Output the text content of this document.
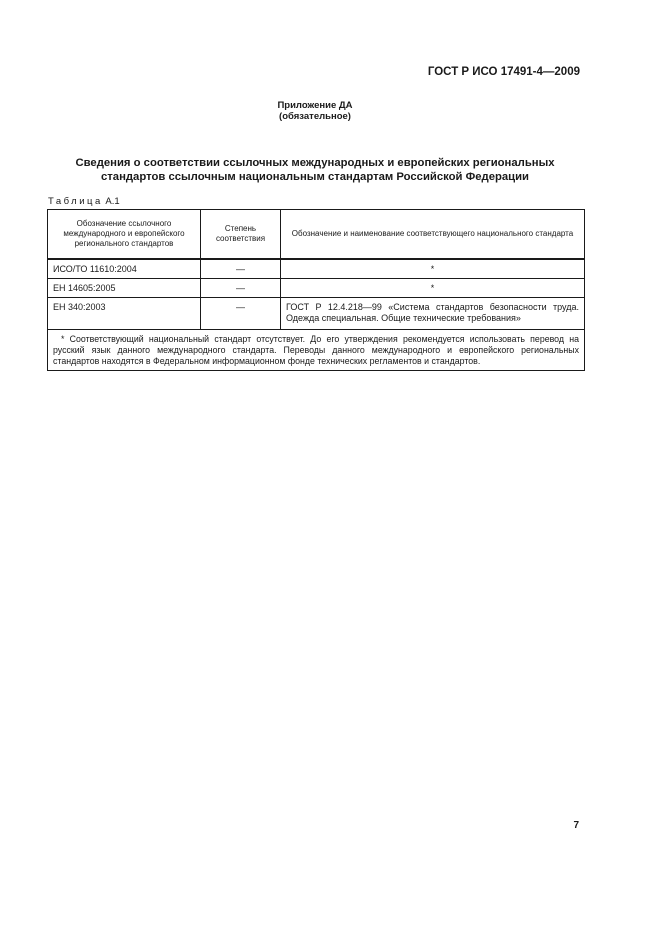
ГОСТ Р ИСО 17491-4—2009
Приложение ДА
(обязательное)
Сведения о соответствии ссылочных международных и европейских региональных
стандартов ссылочным национальным стандартам Российской Федерации
Таблица А.1
Обозначение ссылочного международного и европейского регионального стандартов	Степень соответствия	Обозначение и наименование соответствующего национального стандарта
ИСО/ТО 11610:2004	—	*
ЕН 14605:2005	—	*
ЕН 340:2003	—	ГОСТ Р 12.4.218—99 «Система стандартов безопасности труда. Одежда специальная. Общие технические требования»
* Соответствующий национальный стандарт отсутствует. До его утверждения рекомендуется использовать перевод на русский язык данного международного стандарта. Переводы данного международного и европейского региональных стандартов находятся в Федеральном информационном фонде технических регламентов и стандартов.		
7
